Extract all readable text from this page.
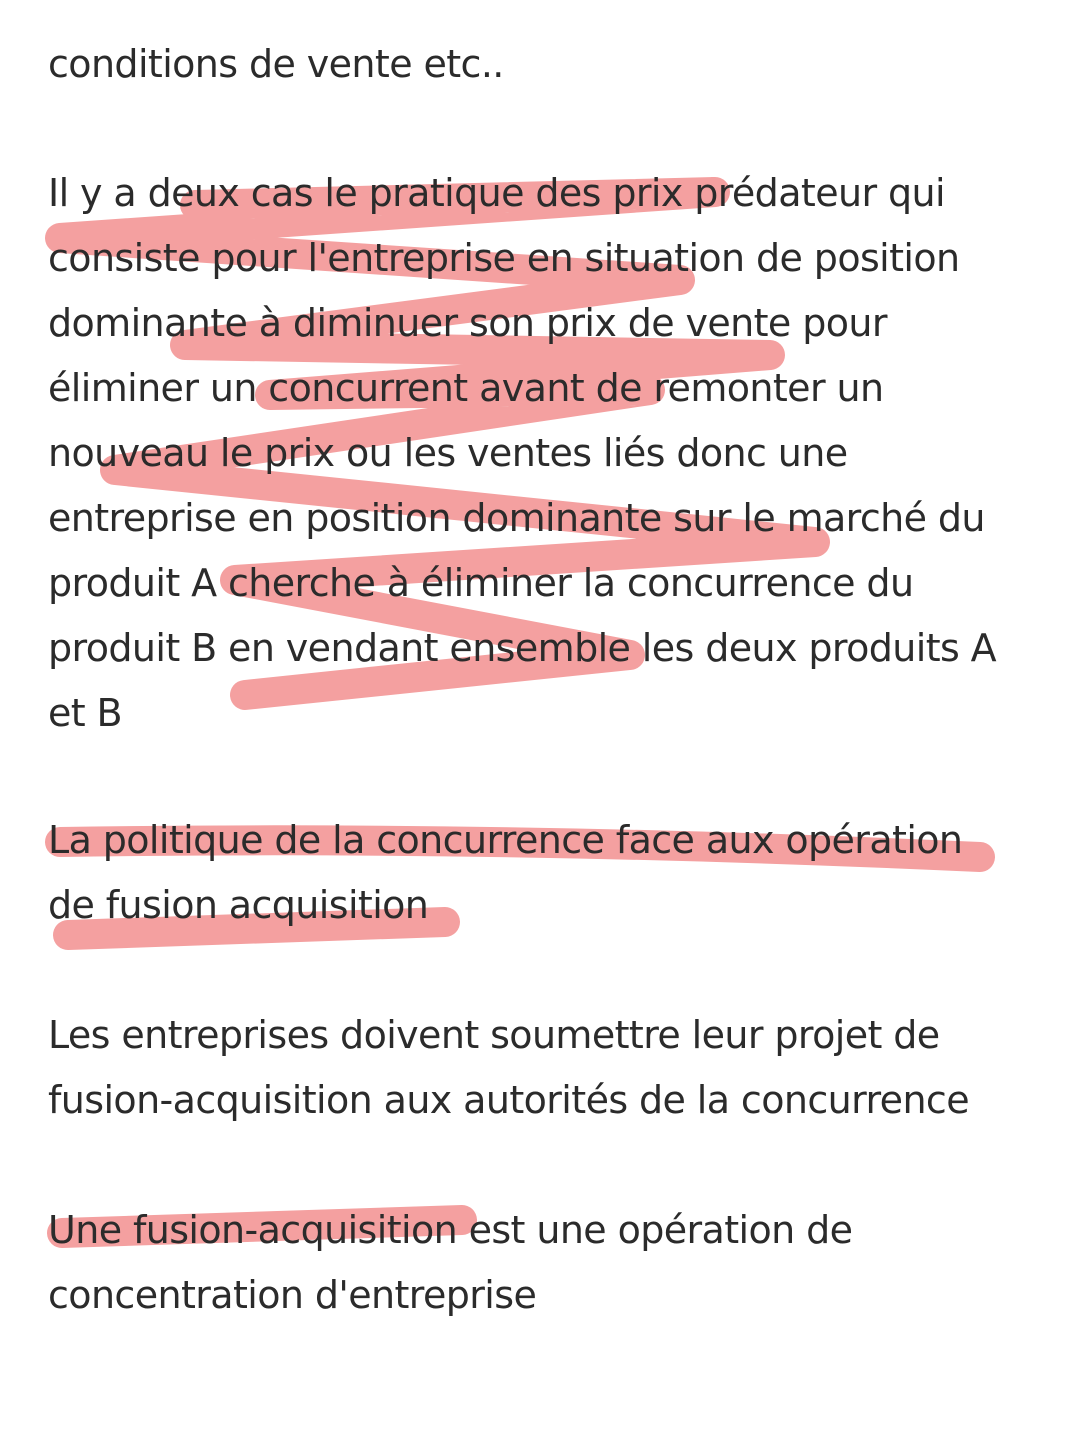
conditions de vente etc..

Il y a deux cas le pratique des prix prédateur qui

consiste pour l'entreprise en situation de position

dominante à diminuer son prix de vente pour

éliminer un concurrent avant de remonter un

nouveau le prix ou les ventes liés donc une

entreprise en position dominante sur le marché du

produit A cherche à éliminer la concurrence du

produit B en vendant ensemble les deux produits A

et B

La politique de la concurrence face aux opération

de fusion acquisition

Les entreprises doivent soumettre leur projet de

fusion-acquisition aux autorités de la concurrence

Une fusion-acquisition est une opération de

concentration d'entreprise
